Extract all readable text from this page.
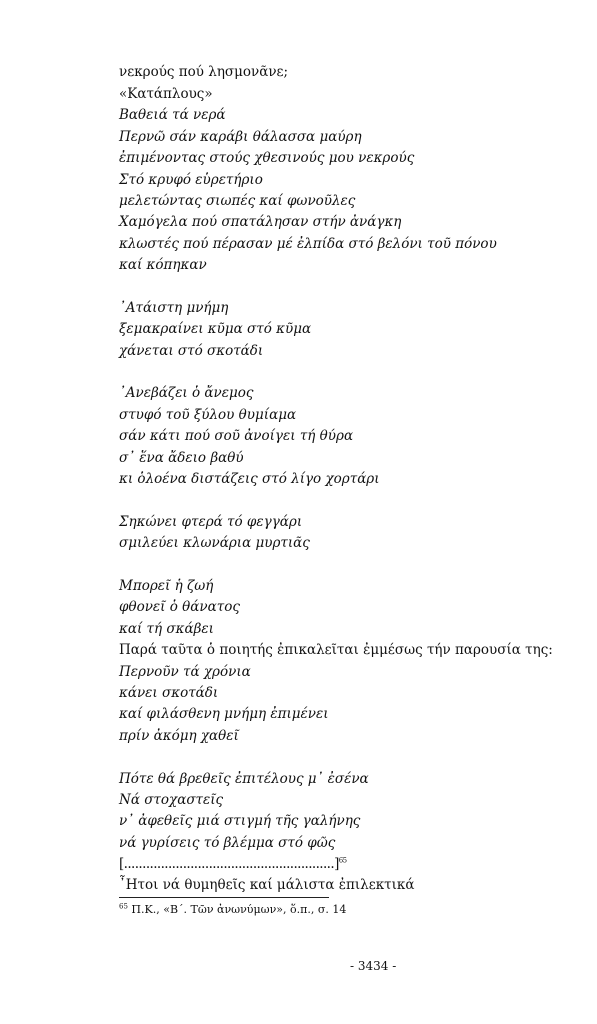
νεκρούς πού λησμονᾶνε;
«Κατάπλους»
Βαθειά τά νερά
Περνῶ σάν καράβι θάλασσα μαύρη
ἐπιμένοντας στούς χθεσινούς μου νεκρούς
Στό κρυφό εὑρετήριο
μελετώντας σιωπές καί φωνοῦλες
Χαμόγελα πού σπατάλησαν στήν ἀνάγκη
κλωστές πού πέρασαν μέ ἐλπίδα στό βελόνι τοῦ πόνου
καί κόπηκαν
᾽Ατάιστη μνήμη
ξεμακραίνει κῦμα στό κῦμα
χάνεται στό σκοτάδι
᾽Ανεβάζει ὁ ἄνεμος
στυφό τοῦ ξύλου θυμίαμα
σάν κάτι πού σοῦ ἀνοίγει τή θύρα
σ᾽ ἕνα ἄδειο βαθύ
κι ὁλοένα διστάζεις στό λίγο χορτάρι
Σηκώνει φτερά τό φεγγάρι
σμιλεύει κλωνάρια μυρτιᾶς
Μπορεῖ ἡ ζωή
φθονεῖ ὁ θάνατος
καί τή σκάβει
Παρά ταῦτα ὁ ποιητής ἐπικαλεῖται ἐμμέσως τήν παρουσία της:
Περνοῦν τά χρόνια
κάνει σκοτάδι
καί φιλάσθενη μνήμη ἐπιμένει
πρίν ἀκόμη χαθεῖ
Πότε θά βρεθεῖς ἐπιτέλους μ᾽ ἐσένα
Νά στοχαστεῖς
ν᾽ ἀφεθεῖς μιά στιγμή τῆς γαλήνης
νά γυρίσεις τό βλέμμα στό φῶς
[.........................................................]$^{65}$
῏Ητοι νά θυμηθεῖς καί μάλιστα ἐπιλεκτικά
$^{65}$ Π.Κ., «Β΄. Τῶν ἀνωνύμων», ὅ.π., σ. 14
- 3434 -
